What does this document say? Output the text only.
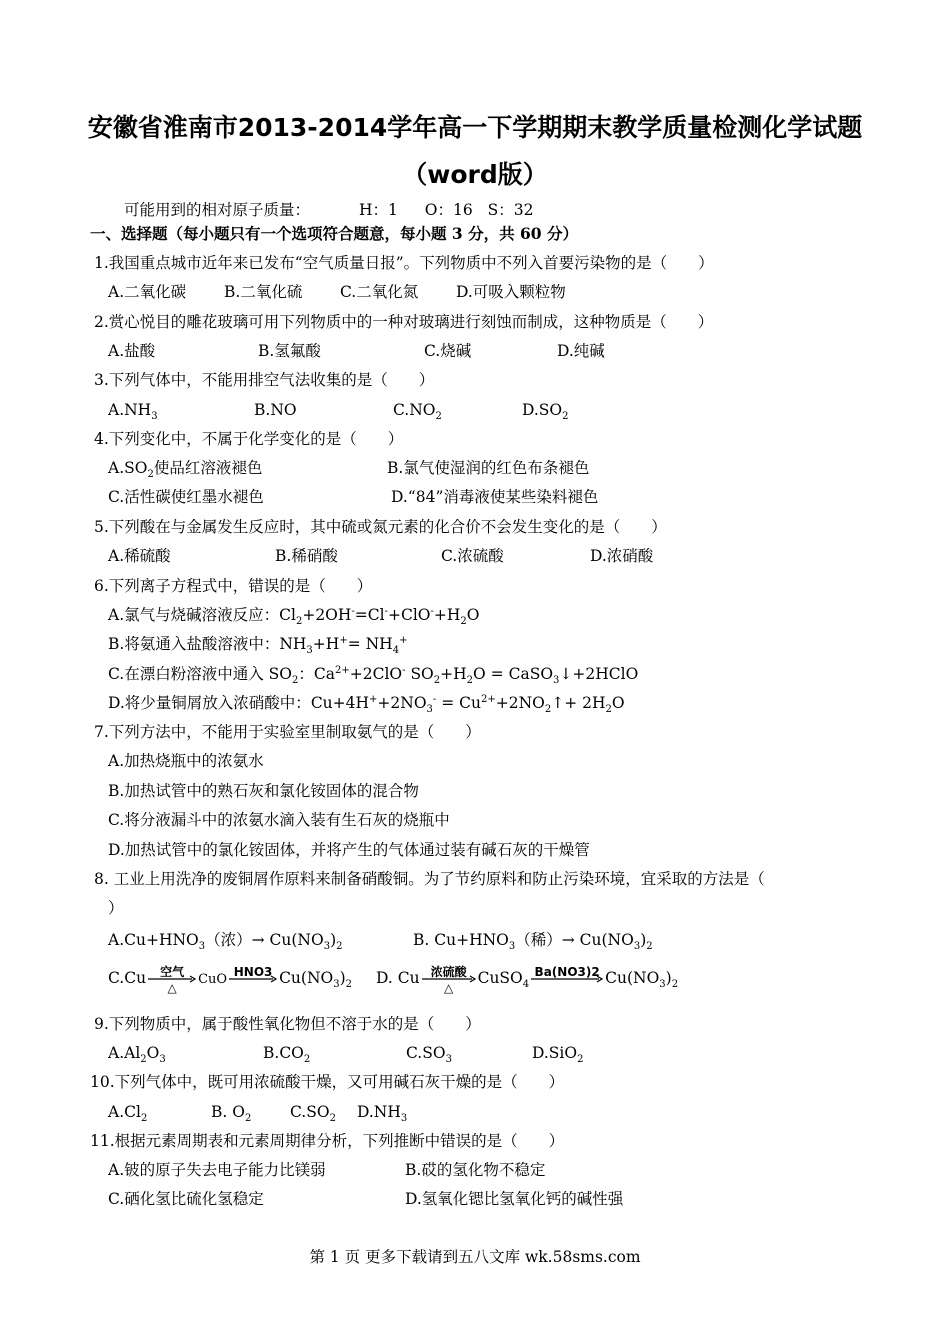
安徽省淮南市2013-2014学年高一下学期期末教学质量检测化学试题
（word版）
可能用到的相对原子质量：	H：1 O：16 S：32
一、选择题（每小题只有一个选项符合题意，每小题 3 分，共 60 分）
1.我国重点城市近年来已发布“空气质量日报”。下列物质中不列入首要污染物的是（　　）
A.二氧化碳 B.二氧化硫 C.二氧化氮 D.可吸入颗粒物
2.赏心悦目的雕花玻璃可用下列物质中的一种对玻璃进行刻蚀而制成，这种物质是（　　）
A.盐酸	B.氢氟酸	C.烧碱	D.纯碱
3.下列气体中，不能用排空气法收集的是（　　）
$A.NH_3$	B.NO	$C.NO_2$	$D.SO_2$
4.下列变化中，不属于化学变化的是（　　）
$A.SO_2$使品红溶液褪色	B.氯气使湿润的红色布条褪色
C.活性碳使红墨水褪色	D.“84”消毒液使某些染料褪色
5.下列酸在与金属发生反应时，其中硫或氮元素的化合价不会发生变化的是（　　）
A.稀硫酸	B.稀硝酸	C.浓硫酸	D.浓硝酸
6.下列离子方程式中，错误的是（　　）
A.氯气与烧碱溶液反应：$Cl_2+2OH^-=Cl^-+ClO^-+H_2O$
B.将氨通入盐酸溶液中：$NH_3+H^+= NH_4^+$
C.在漂白粉溶液中通入 $SO_2$：$Ca^{2+}+2ClO^-$ $SO_2+H_2O$ = CaSO$_3$↓+2HClO
D.将少量铜屑放入浓硝酸中：$Cu+4H^++2NO_3^-$ = $Cu^{2+}+2NO_2↑+ 2H_2O$
7.下列方法中，不能用于实验室里制取氨气的是（　　）
A.加热烧瓶中的浓氨水
B.加热试管中的熟石灰和氯化铵固体的混合物
C.将分液漏斗中的浓氨水滴入装有生石灰的烧瓶中
D.加热试管中的氯化铵固体，并将产生的气体通过装有碱石灰的干燥管
8. 工业上用洗净的废铜屑作原料来制备硝酸铜。为了节约原料和防止污染环境，宜采取的方法是（
）
$A.Cu+HNO_3$（浓）→ $Cu(NO_3)_2$	B. $Cu+HNO_3$（稀）→ $Cu(NO_3)_2$
C.Cu	空气
△
CuO HNO3 $Cu(NO_3)_2$ D. Cu 浓硫酸
△
CuSO$_4$
Ba(NO3)2 $Cu(NO_3)_2$
9.下列物质中，属于酸性氧化物但不溶于水的是（　　）
$A.Al_2O_3$	$B.CO_2$	$C.SO_3$	D.SiO$_2$
10.下列气体中，既可用浓硫酸干燥，又可用碱石灰干燥的是（　　）
$A.Cl_2$	B. $O_2$ $C.SO_2$ $D.NH_3$
11.根据元素周期表和元素周期律分析，下列推断中错误的是（　　）
A.铍的原子失去电子能力比镁弱	B.砹的氢化物不稳定
C.硒化氢比硫化氢稳定	D.氢氧化锶比氢氧化钙的碱性强
第 1 页 更多下载请到五八文库 wk.58sms.com
